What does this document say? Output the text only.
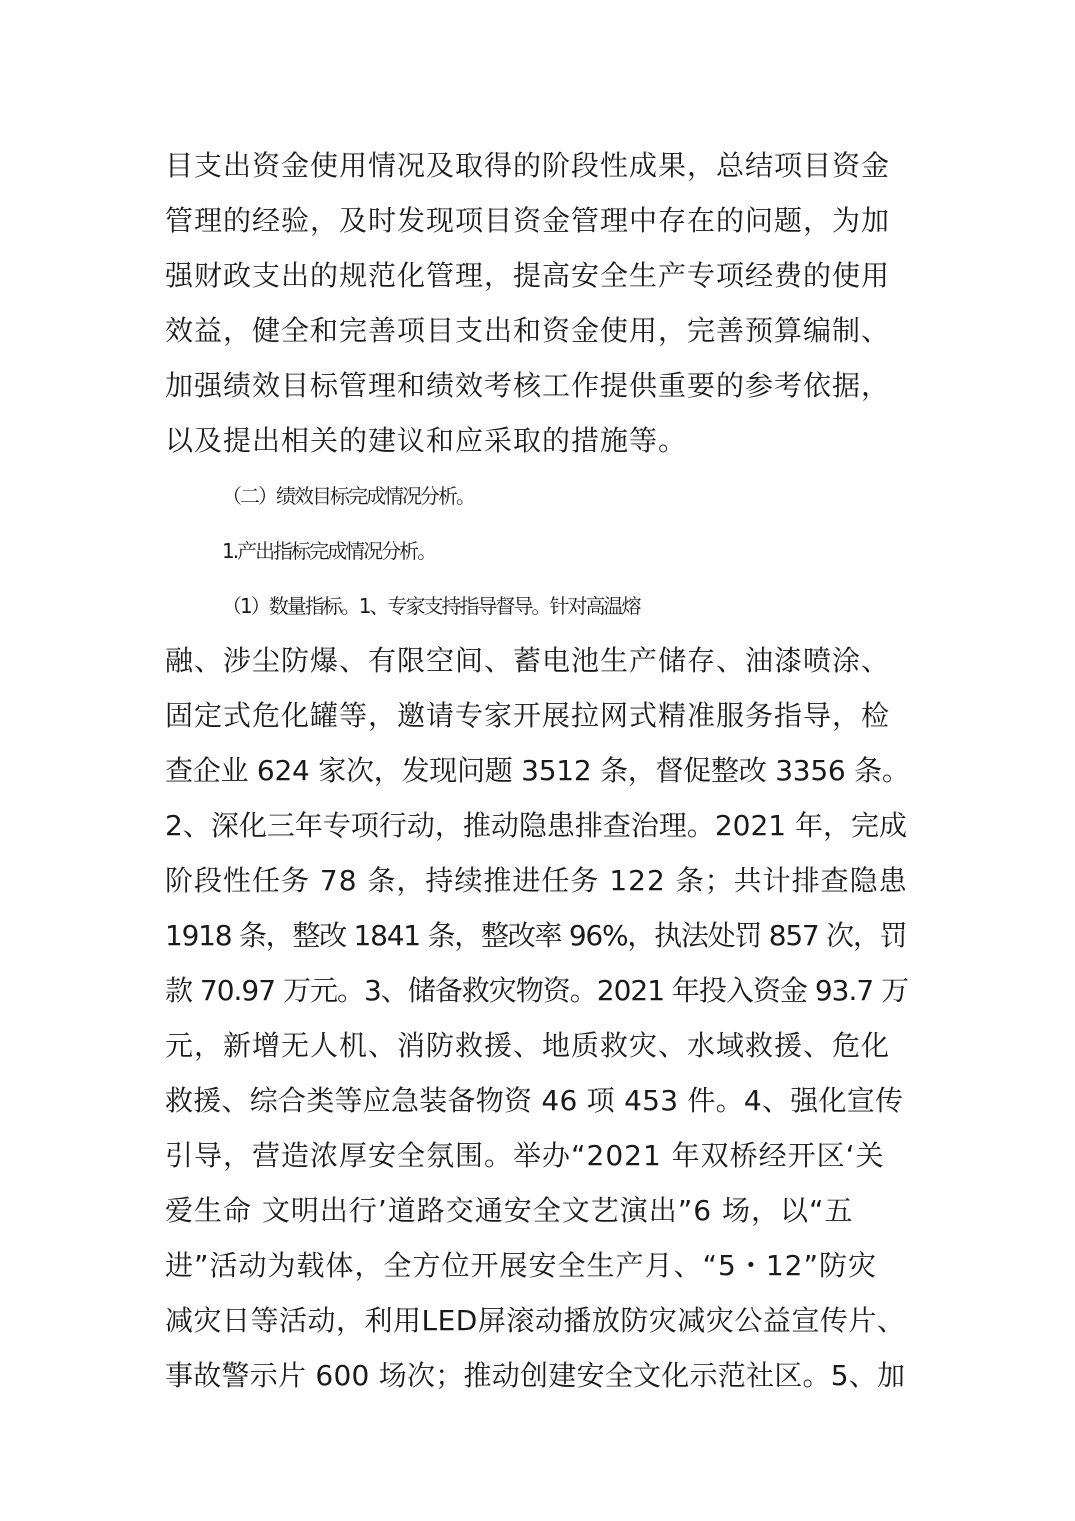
目支出资金使用情况及取得的阶段性成果，总结项目资金
管理的经验，及时发现项目资金管理中存在的问题，为加
强财政支出的规范化管理，提高安全生产专项经费的使用
效益，健全和完善项目支出和资金使用，完善预算编制、
加强绩效目标管理和绩效考核工作提供重要的参考依据，
以及提出相关的建议和应采取的措施等。
（二）绩效目标完成情况分析。
1.产出指标完成情况分析。
（1）数量指标。1、专家支持指导督导。针对高温熔
融、涉尘防爆、有限空间、蓄电池生产储存、油漆喷涂、
固定式危化罐等，邀请专家开展拉网式精准服务指导，检
查企业 624 家次，发现问题 3512 条，督促整改 3356 条。
2、深化三年专项行动，推动隐患排查治理。2021 年，完成
阶段性任务 78 条，持续推进任务 122 条；共计排查隐患
1918 条，整改 1841 条，整改率 96%，执法处罚 857 次，罚
款 70.97 万元。3、储备救灾物资。2021 年投入资金 93.7 万
元，新增无人机、消防救援、地质救灾、水域救援、危化
救援、综合类等应急装备物资 46 项 453 件。4、强化宣传
引导，营造浓厚安全氛围。举办“2021 年双桥经开区‘关
爱生命 文明出行’道路交通安全文艺演出”6 场，以“五
进”活动为载体，全方位开展安全生产月、“5・12”防灾
减灾日等活动，利用LED屏滚动播放防灾减灾公益宣传片、
事故警示片 600 场次；推动创建安全文化示范社区。5、加
